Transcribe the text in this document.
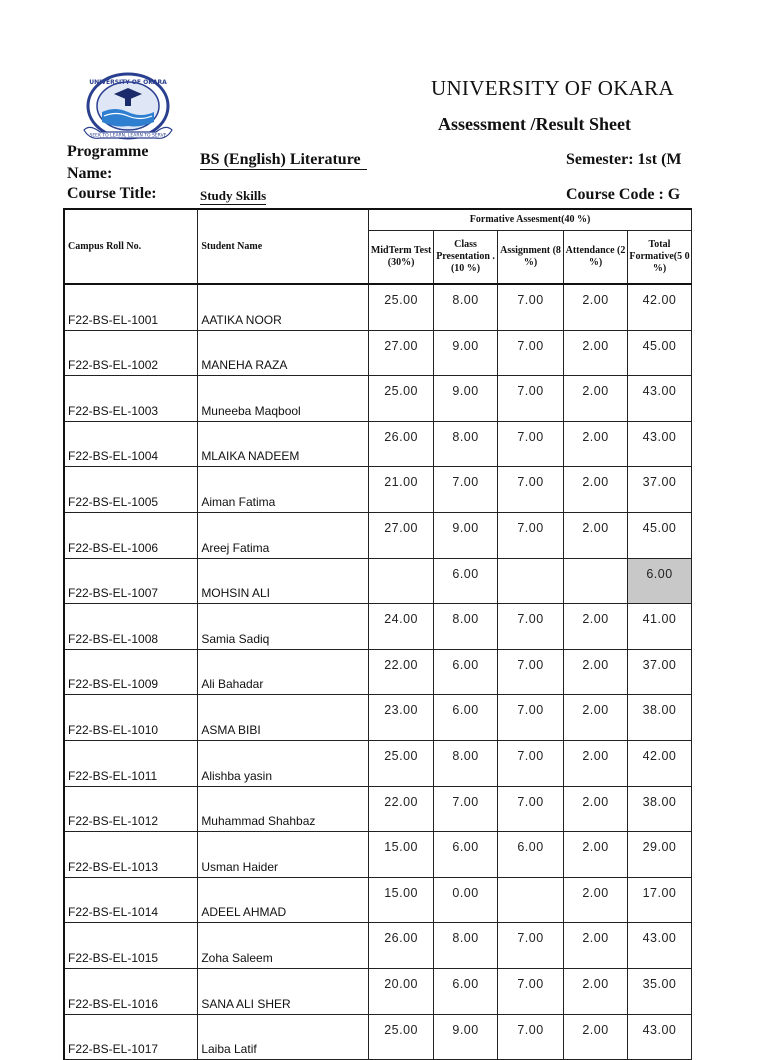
SEEK TO LEARN, LEARN TO SERVE
UNIVERSITY OF OKARA	UNIVERSITY OF OKARA
Assessment /Result Sheet
Programme Name:
BS (English) Literature	Semester: 1st (M
Course Title:	Study Skills	Course Code : G
Campus Roll No.	Student Name	Formative Assesment(40 %)				
		MidTerm Test (30%)	Class Presentation .(10 %)	Assignment (8 %)	Attendance (2 %)	Total Formative(5 0 %)
F22-BS-EL-1001	AATIKA NOOR	25.00	8.00	7.00	2.00	42.00
F22-BS-EL-1002	MANEHA RAZA	27.00	9.00	7.00	2.00	45.00
F22-BS-EL-1003	Muneeba Maqbool	25.00	9.00	7.00	2.00	43.00
F22-BS-EL-1004	MLAIKA NADEEM	26.00	8.00	7.00	2.00	43.00
F22-BS-EL-1005	Aiman Fatima	21.00	7.00	7.00	2.00	37.00
F22-BS-EL-1006	Areej Fatima	27.00	9.00	7.00	2.00	45.00
F22-BS-EL-1007	MOHSIN ALI		6.00			6.00
F22-BS-EL-1008	Samia Sadiq	24.00	8.00	7.00	2.00	41.00
F22-BS-EL-1009	Ali Bahadar	22.00	6.00	7.00	2.00	37.00
F22-BS-EL-1010	ASMA BIBI	23.00	6.00	7.00	2.00	38.00
F22-BS-EL-1011	Alishba yasin	25.00	8.00	7.00	2.00	42.00
F22-BS-EL-1012	Muhammad Shahbaz	22.00	7.00	7.00	2.00	38.00
F22-BS-EL-1013	Usman Haider	15.00	6.00	6.00	2.00	29.00
F22-BS-EL-1014	ADEEL AHMAD	15.00	0.00		2.00	17.00
F22-BS-EL-1015	Zoha Saleem	26.00	8.00	7.00	2.00	43.00
F22-BS-EL-1016	SANA ALI SHER	20.00	6.00	7.00	2.00	35.00
F22-BS-EL-1017	Laiba Latif	25.00	9.00	7.00	2.00	43.00
